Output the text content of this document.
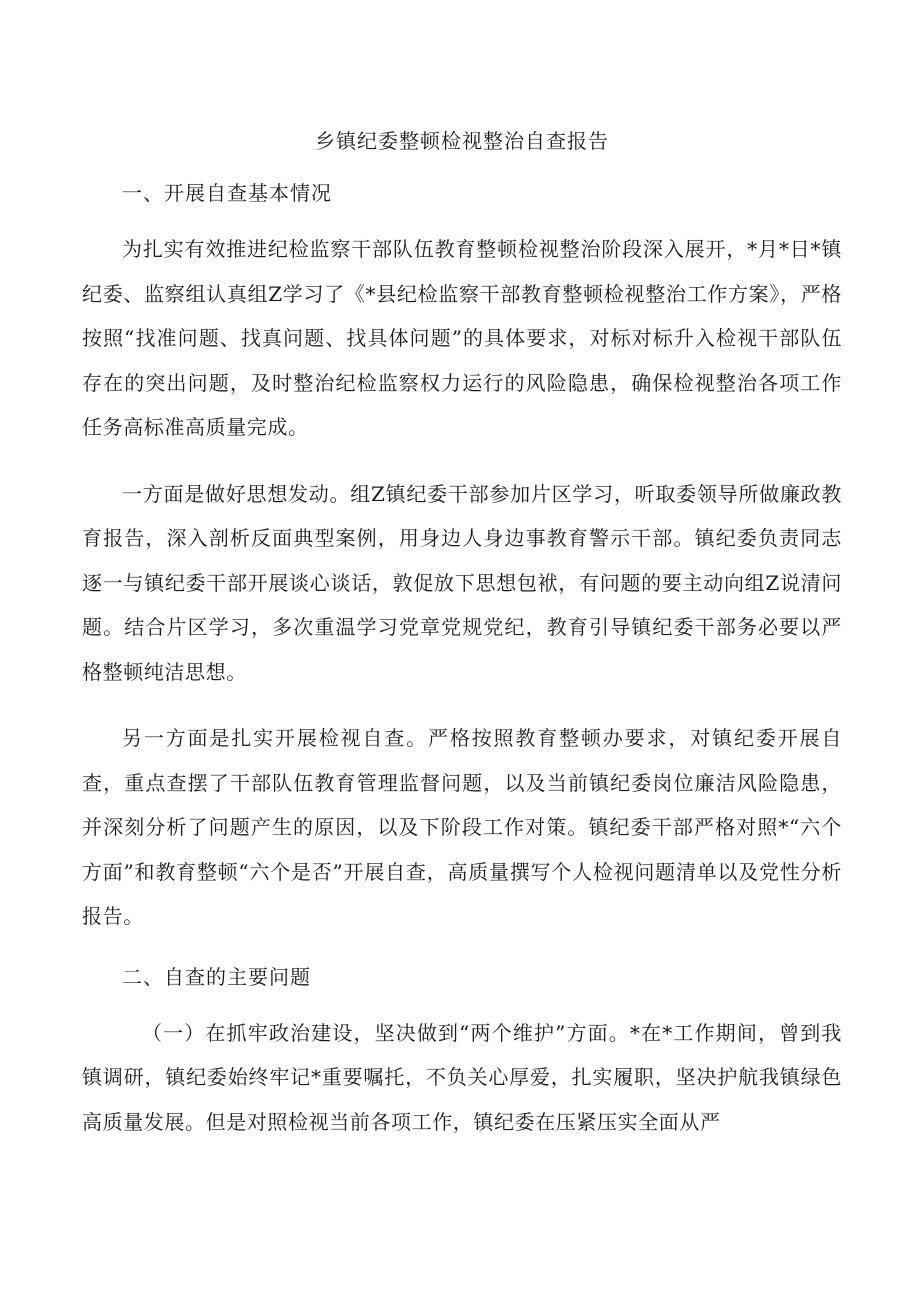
乡镇纪委整顿检视整治自查报告
一、开展自查基本情况

为扎实有效推进纪检监察干部队伍教育整顿检视整治阶段深入展开，*月*日*镇纪委、监察组认真组Z学习了《*县纪检监察干部教育整顿检视整治工作方案》，严格按照“找准问题、找真问题、找具体问题”的具体要求，对标对标升入检视干部队伍存在的突出问题，及时整治纪检监察权力运行的风险隐患，确保检视整治各项工作任务高标准高质量完成。

一方面是做好思想发动。组Z镇纪委干部参加片区学习，听取委领导所做廉政教育报告，深入剖析反面典型案例，用身边人身边事教育警示干部。镇纪委负责同志逐一与镇纪委干部开展谈心谈话，敦促放下思想包袱，有问题的要主动向组Z说清问题。结合片区学习，多次重温学习党章党规党纪，教育引导镇纪委干部务必要以严格整顿纯洁思想。

另一方面是扎实开展检视自查。严格按照教育整顿办要求，对镇纪委开展自查，重点查摆了干部队伍教育管理监督问题，以及当前镇纪委岗位廉洁风险隐患，并深刻分析了问题产生的原因，以及下阶段工作对策。镇纪委干部严格对照*“六个方面”和教育整顿“六个是否”开展自查，高质量撰写个人检视问题清单以及党性分析报告。

二、自查的主要问题

（一）在抓牢政治建设，坚决做到“两个维护”方面。*在*工作期间，曾到我镇调研，镇纪委始终牢记*重要嘱托，不负关心厚爱，扎实履职，坚决护航我镇绿色高质量发展。但是对照检视当前各项工作，镇纪委在压紧压实全面从严
